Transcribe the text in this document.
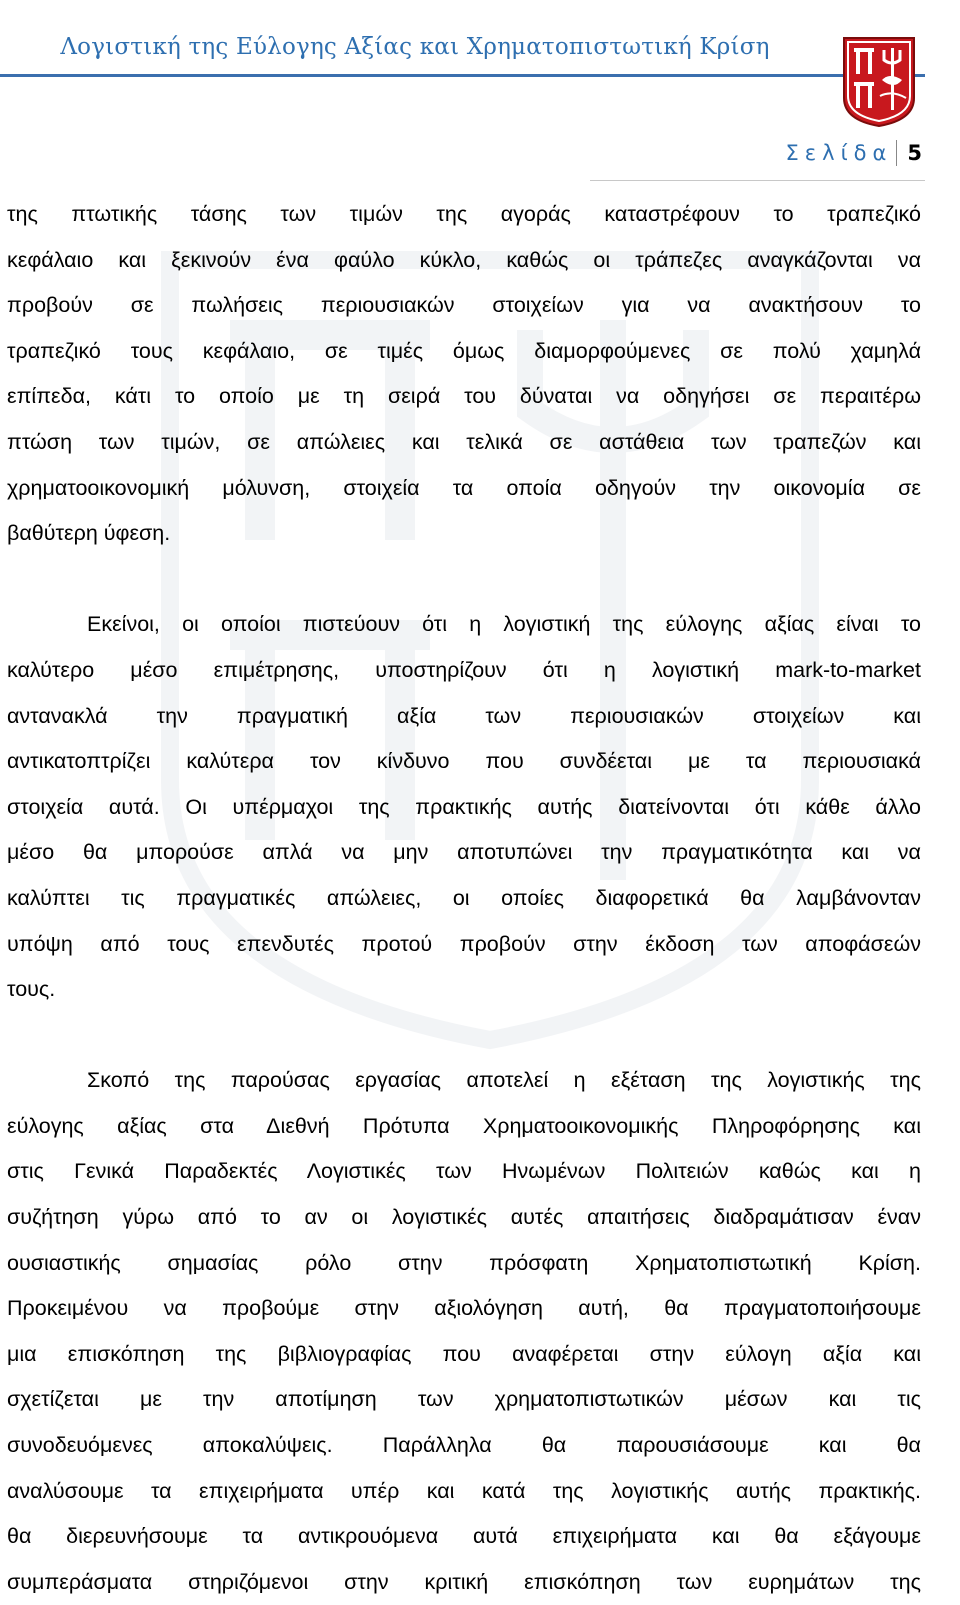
Λογιστική της Εύλογης Αξίας και Χρηματοπιστωτική Κρίση
Σελίδα 5
της πτωτικής τάσης των τιμών της αγοράς καταστρέφουν το τραπεζικό
κεφάλαιο και ξεκινούν ένα φαύλο κύκλο, καθώς οι τράπεζες αναγκάζονται να
προβούν σε πωλήσεις περιουσιακών στοιχείων για να ανακτήσουν το
τραπεζικό τους κεφάλαιο, σε τιμές όμως διαμορφούμενες σε πολύ χαμηλά
επίπεδα, κάτι το οποίο με τη σειρά του δύναται να οδηγήσει σε περαιτέρω
πτώση των τιμών, σε απώλειες και τελικά σε αστάθεια των τραπεζών και
χρηματοοικονομική μόλυνση, στοιχεία τα οποία οδηγούν την οικονομία σε
βαθύτερη ύφεση.
Εκείνοι, οι οποίοι πιστεύουν ότι η λογιστική της εύλογης αξίας είναι το
καλύτερο μέσο επιμέτρησης, υποστηρίζουν ότι η λογιστική mark-to-market
αντανακλά την πραγματική αξία των περιουσιακών στοιχείων και
αντικατοπτρίζει καλύτερα τον κίνδυνο που συνδέεται με τα περιουσιακά
στοιχεία αυτά. Οι υπέρμαχοι της πρακτικής αυτής διατείνονται ότι κάθε άλλο
μέσο θα μπορούσε απλά να μην αποτυπώνει την πραγματικότητα και να
καλύπτει τις πραγματικές απώλειες, οι οποίες διαφορετικά θα λαμβάνονταν
υπόψη από τους επενδυτές προτού προβούν στην έκδοση των αποφάσεών
τους.
Σκοπό της παρούσας εργασίας αποτελεί η εξέταση της λογιστικής της
εύλογης αξίας στα Διεθνή Πρότυπα Χρηματοοικονομικής Πληροφόρησης και
στις Γενικά Παραδεκτές Λογιστικές των Ηνωμένων Πολιτειών καθώς και η
συζήτηση γύρω από το αν οι λογιστικές αυτές απαιτήσεις διαδραμάτισαν έναν
ουσιαστικής σημασίας ρόλο στην πρόσφατη Χρηματοπιστωτική Κρίση.
Προκειμένου να προβούμε στην αξιολόγηση αυτή, θα πραγματοποιήσουμε
μια επισκόπηση της βιβλιογραφίας που αναφέρεται στην εύλογη αξία και
σχετίζεται με την αποτίμηση των χρηματοπιστωτικών μέσων και τις
συνοδευόμενες αποκαλύψεις. Παράλληλα θα παρουσιάσουμε και θα
αναλύσουμε τα επιχειρήματα υπέρ και κατά της λογιστικής αυτής πρακτικής.
θα διερευνήσουμε τα αντικρουόμενα αυτά επιχειρήματα και θα εξάγουμε
συμπεράσματα στηριζόμενοι στην κριτική επισκόπηση των ευρημάτων της
